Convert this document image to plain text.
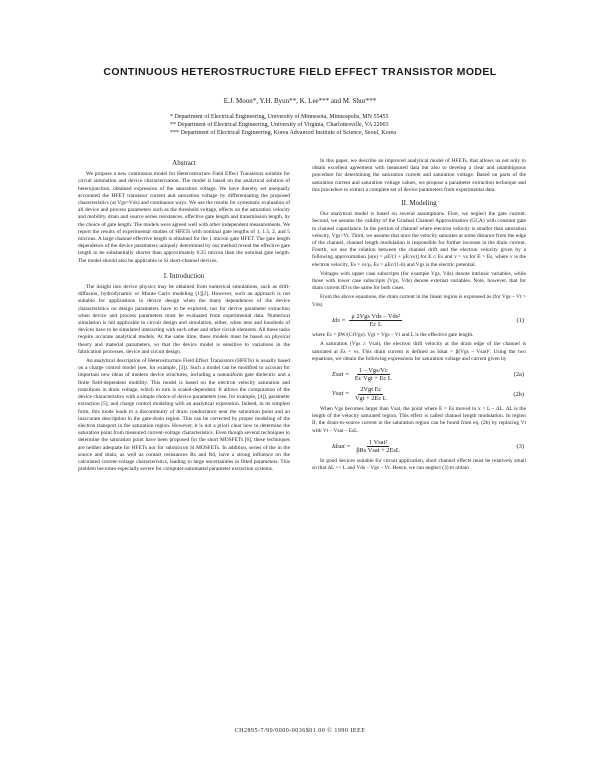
CONTINUOUS HETEROSTRUCTURE FIELD EFFECT TRANSISTOR MODEL
E.J. Moon*, Y.H. Byun**, K. Lee*** and M. Shur***
* Department of Electrical Engineering, University of Minnesota, Minneapolis, MN 55455
** Department of Electrical Engineering, University of Virginia, Charlottesville, VA 22903
*** Department of Electrical Engineering, Korea Advanced Institute of Science, Seoul, Korea
Abstract

We propose a new continuous model for Heterostructure Field Effect Transistors suitable for circuit simulation and device characterization. The model is based on the analytical solution of heterojunction, obtained expression of the saturation voltage. We have thereby set unequally accounted the HFET transistor current and saturation voltage by differentiating the proposed characteristics (at Vgs=Vds) and continuous ways. We use the results for systematic evaluation of all device and process parameters such as the threshold voltage, effects on the saturation velocity and mobility, drain and source series resistances, effective gate length and transmission length, by the choice of gate length. The models were agreed well with other independent measurements. We report the results of experimental studies of HFETs with nominal gate lengths of 1, 1.5, 2, and 5 microns. A large channel effective length is obtained for the 1 micron gate HFET. The gate length dependence of the device parameters uniquely determined by our method reveal the effective gate length to be substantially shorter than approximately 0.25 micron than the nominal gate length. The model should also be applicable to Si short-channel devices.

I. Introduction

The insight into device physics may be obtained from numerical simulations, such as drift-diffusion, hydrodynamic or Monte Carlo modeling [1][2]. However, such an approach is not suitable for applications in device design when the many dependences of the device characteristics on design parameters have to be explored, nor for device parameter extraction when device and process parameters must be evaluated from experimental data. Numerical simulation is not applicable to circuit design and simulation, either, when tens and hundreds of devices have to be simulated interacting with each other and other circuit elements. All these tasks require accurate analytical models. At the same time, these models must be based on physical theory and material parameters, so that the device model is sensitive to variations in the fabrication processes, device and circuit design.

An analytical description of Heterostructure Field Effect Transistors (HFETs) is usually based on a charge control model (see, for example, [3]). Such a model can be modified to account for important new ideas of modern device structures, including a nonuniform gate dielectric and a finite field-dependent mobility. This model is based on the electron velocity saturation and transitions in drain voltage, which in turn is scaled-dependent. It allows the computation of the device characteristics with a simple choice of device parameters (see, for example, [4]), parameter extraction [5], and charge control modeling with an analytical expression. Indeed, in its simplest form, this mode leads to a discontinuity of drain conductance near the saturation point and an inaccurate description in the gate-drain region. This can be corrected by proper modeling of the electron transport in the saturation region. However, it is not a priori clear how to determine the saturation point from measured current-voltage characteristics. Even though several techniques to determine the saturation point have been proposed for the short MOSFETs [6], these techniques are neither adequate for HFETs nor for submicron Si MOSFETs. In addition, series of the in the source and drain, as well as contact resistances Rs and Rd, have a strong influence on the calculated current-voltage characteristics, leading to large uncertainties in fitted parameters. This problem becomes especially severe for computer-automated parameter extraction systems.

In this paper, we describe an improved analytical model of HFETs, that allows us not only to obtain excellent agreement with measured data but also to develop a clear and unambiguous procedure for determining the saturation current and saturation voltage. Based on parts of the saturation current and saturation voltage values, we propose a parameter extraction technique and this procedure to extract a complete set of device parameters from experimental data.

II. Modeling

Our analytical model is based on several assumptions. First, we neglect the gate current. Second, we assume the validity of the Gradual Channel Approximation (GCA) with constant gate to channel capacitance. In the portion of channel where electron velocity is smaller than saturation velocity, Vgs>Vt. Third, we assume that once the velocity saturates at some distance from the edge of the channel, channel length modulation is responsible for further increase in the drain current. Fourth, we use the relation between the channel drift and the electron velocity given by a following approximation [u(e) = μE/(1 + μE/vs)] for E ≤ Es and v = vs for E > Es, where v is the electron velocity, Es = vs/μ, Es = μEc/(1-b) and Vgs is the electric potential.

Voltages with upper case subscripts (for example Vgs, Vds) denote intrinsic variables, while those with lower case subscripts (Vgs, Vds) denote external variables. Note, however, that for drain current ID is the same for both cases.

From the above equations, the drain current in the linear region is expressed as (for Vgs – Vt > Vds)

Ids = $\frac{\text{μ 2Vgs Vds – Vds²}}{\text{Ec L}}$	(1)

where Ec = βW/(CtVgs). Vgt = Vgs – Vt and L is the effective gate length.

A saturation (Vgs ≥ Vsat), the electron drift velocity at the drain edge of the channel is saturated at Es = vs. This drain current is defined as Idsat = β(Vgs – Vsat)². Using the two equations, we obtain the following expressions for saturation voltage and current given by

Esat = $\frac{\text{1 – Vgs/Vc}}{\text{Ec Vgt + Ec L}}$	(2a)
Vsat = $\frac{\text{2Vgt Ec}}{\text{Vgt + 2Ec L}}$	(2b)

When Vgs becomes larger than Vsat, the point where E = Es moved to x = L – ΔL. ΔL is the length of the velocity saturated region. This effect is called channel length modulation. In region II, the drain-to-source current in the saturation region can be found from eq. (2b) by replacing Vt with Vt – Vsat – EsL.

Idsat = $\frac{\text{1 Vsat²}}{\text{βRs Vsat + 2EsL}}$	(3)

In good devices suitable for circuit application, short channel effects must be relatively small so that ΔL << L and Vds – Vgs – Vt. Hence, we can neglect (3) to obtain

CH2895-7/90/0000-0036$01.00 © 1990 IEEE
